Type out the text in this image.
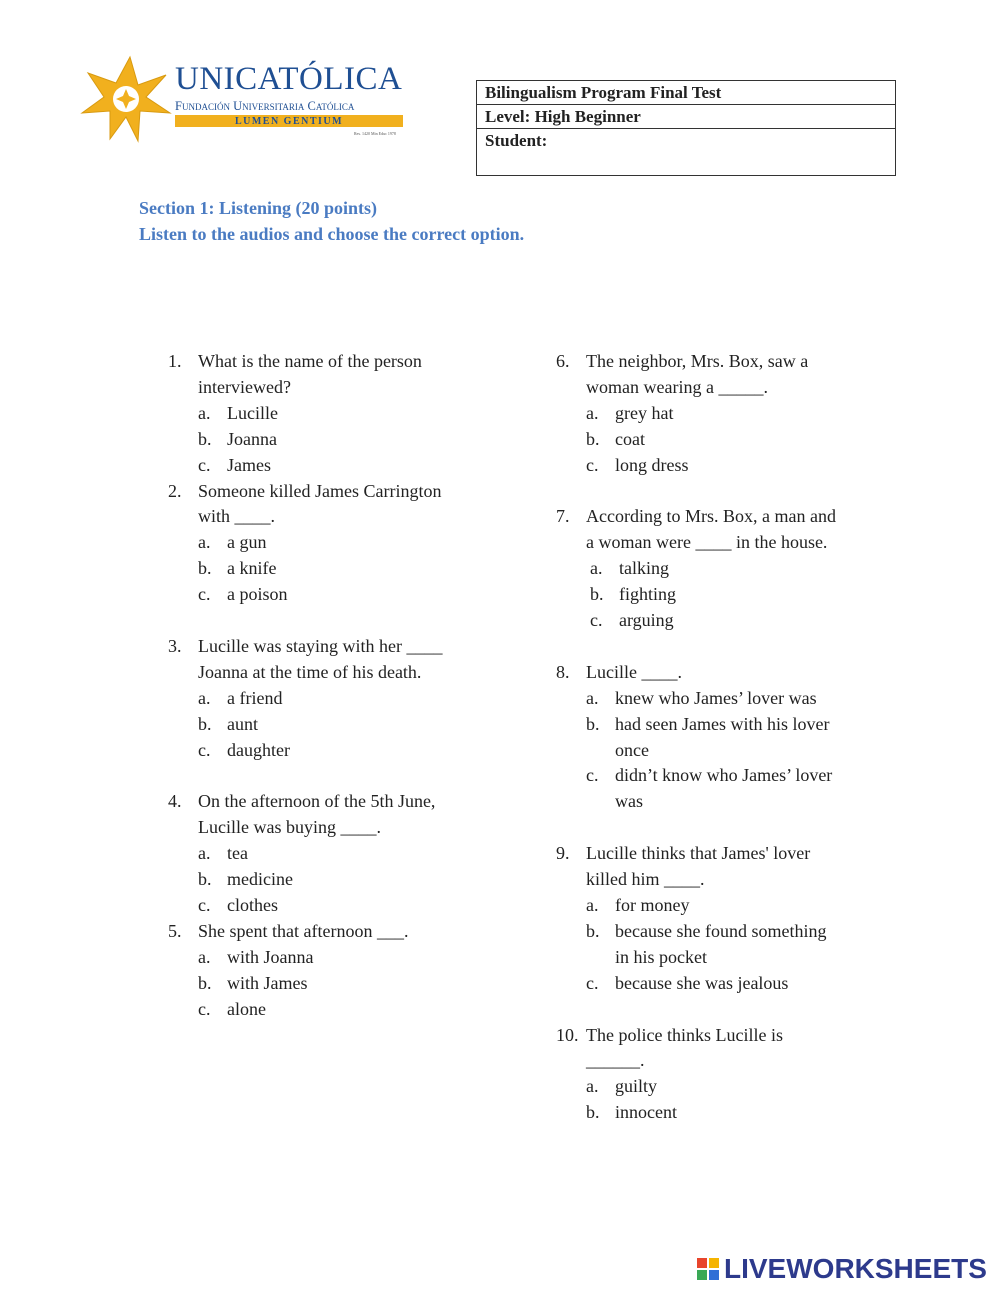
UNICATÓLICA
Fundación Universitaria Católica
LUMEN GENTIUM
Res. 1420 Min Educ 1978
Bilingualism Program Final Test
Level: High Beginner
Student:
Section 1: Listening (20 points)
Listen to the audios and choose the correct option.
1. What is the name of the person
interviewed?
a. Lucille
b. Joanna
c. James
2. Someone killed James Carrington
with ____.
a. a gun
b. a knife
c. a poison
3. Lucille was staying with her ____
Joanna at the time of his death.
a. a friend
b. aunt
c. daughter
4. On the afternoon of the 5th June,
Lucille was buying ____.
a. tea
b. medicine
c. clothes
5. She spent that afternoon ___.
a. with Joanna
b. with James
c. alone
6. The neighbor, Mrs. Box, saw a
woman wearing a _____.
a. grey hat
b. coat
c. long dress
7. According to Mrs. Box, a man and
a woman were ____ in the house.
a. talking
b. fighting
c. arguing
8. Lucille ____.
a. knew who James’ lover was
b. had seen James with his lover
once
c. didn’t know who James’ lover
was
9. Lucille thinks that James' lover
killed him ____.
a. for money
b. because she found something
in his pocket
c. because she was jealous
10. The police thinks Lucille is
______.
a. guilty
b. innocent
LIVEWORKSHEETS
